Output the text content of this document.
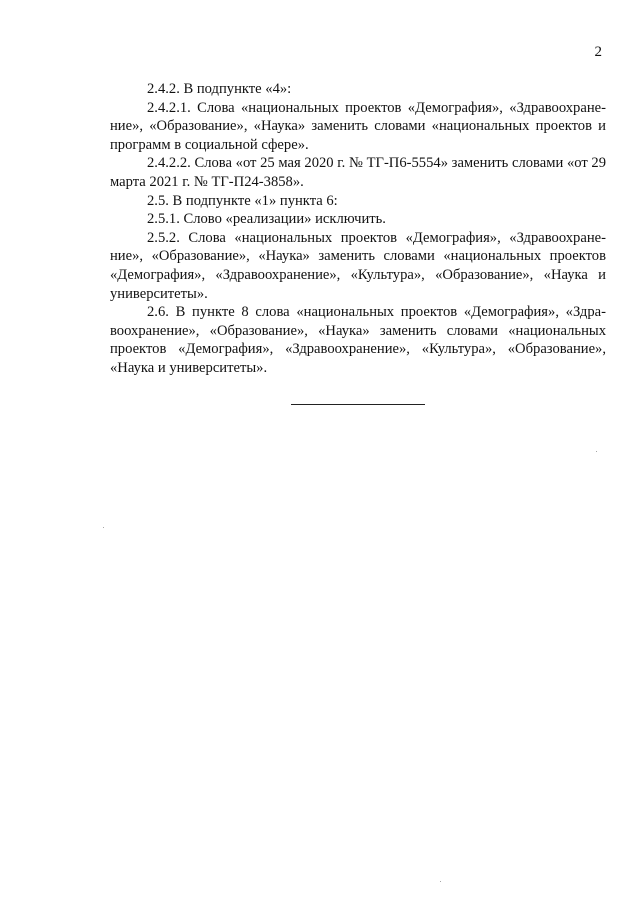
2

2.4.2. В подпункте «4»:

2.4.2.1. Слова «национальных проектов «Демография», «Здравоохранение», «Образование», «Наука» заменить словами «национальных проектов и программ в социальной сфере».

2.4.2.2. Слова «от 25 мая 2020 г. № ТГ-П6-5554» заменить словами «от 29 марта 2021 г. № ТГ-П24-3858».

2.5. В подпункте «1» пункта 6:

2.5.1. Слово «реализации» исключить.

2.5.2. Слова «национальных проектов «Демография», «Здравоохранение», «Образование», «Наука» заменить словами «национальных проектов «Демография», «Здравоохранение», «Культура», «Образование», «Наука и университеты».

2.6. В пункте 8 слова «национальных проектов «Демография», «Здравоохранение», «Образование», «Наука» заменить словами «национальных проектов «Демография», «Здравоохранение», «Культура», «Образование», «Наука и университеты».
